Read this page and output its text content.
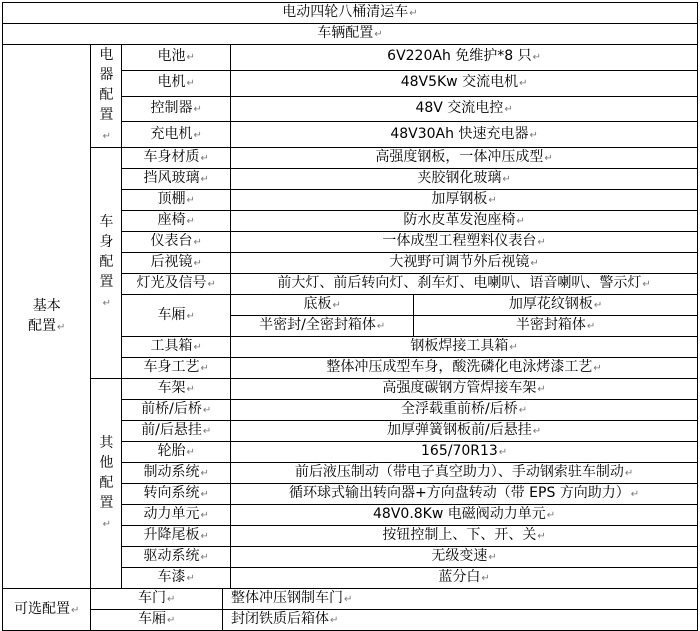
电动四轮八桶清运车↵					
车辆配置↵					
基本配置↵	电器配置↵	电池↵		6V220Ah 免维护*8 只↵	
		电机↵		48V5Kw 交流电机↵	
		控制器↵		48V 交流电控↵	
		充电机↵		48V30Ah 快速充电器↵	
	车身配置↵	车身材质↵		高强度钢板，一体冲压成型↵	
		挡风玻璃↵		夹胶钢化玻璃↵	
		顶棚↵		加厚钢板↵	
		座椅↵		防水皮革发泡座椅↵	
		仪表台↵		一体成型工程塑料仪表台↵	
		后视镜↵		大视野可调节外后视镜↵	
		灯光及信号↵		前大灯、前后转向灯、刹车灯、电喇叭、语音喇叭、警示灯↵	
		车厢↵		底板↵	加厚花纹钢板↵
				半密封/全密封箱体↵	半密封箱体↵
		工具箱↵		钢板焊接工具箱↵	
		车身工艺↵		整体冲压成型车身，酸洗磷化电泳烤漆工艺↵	
	其他配置↵	车架↵		高强度碳钢方管焊接车架↵	
		前桥/后桥↵		全浮载重前桥/后桥↵	
		前/后悬挂↵		加厚弹簧钢板前/后悬挂↵	
		轮胎↵		165/70R13↵	
		制动系统↵		前后液压制动（带电子真空助力）、手动钢索驻车制动↵	
		转向系统↵		循环球式输出转向器+方向盘转动（带 EPS 方向助力）↵	
		动力单元↵		48V0.8Kw 电磁阀动力单元↵	
		升降尾板↵		按钮控制上、下、开、关↵	
		驱动系统↵		无级变速↵	
		车漆↵		蓝分白↵	
可选配置↵	车门↵		整体冲压钢制车门↵		
	车厢↵		封闭铁质后箱体↵		
